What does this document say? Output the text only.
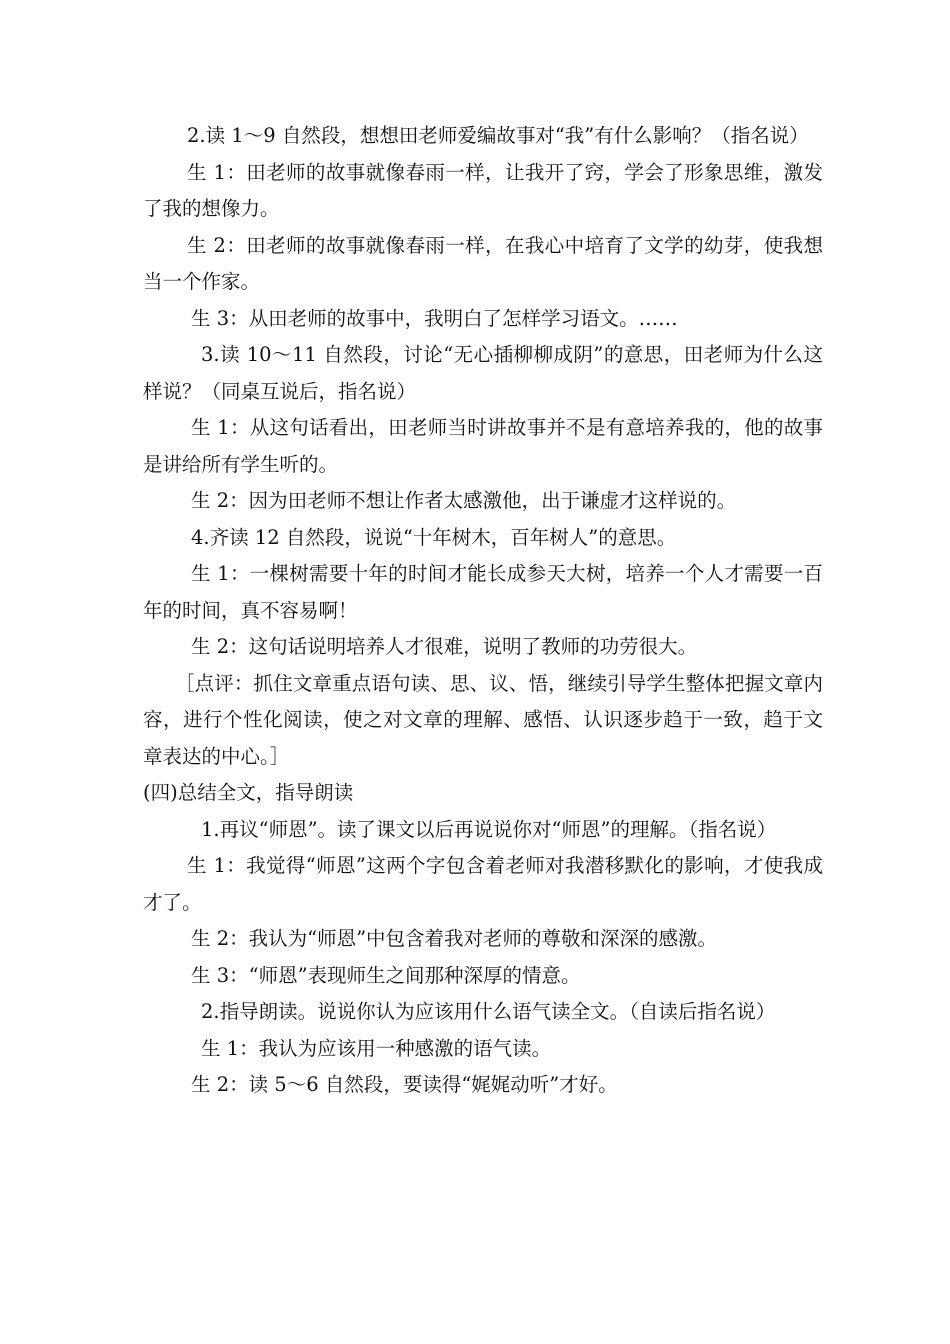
2.读 1～9 自然段，想想田老师爱编故事对“我”有什么影响？（指名说）

生 1：田老师的故事就像春雨一样，让我开了窍，学会了形象思维，激发了我的想像力。

生 2：田老师的故事就像春雨一样，在我心中培育了文学的幼芽，使我想当一个作家。

生 3：从田老师的故事中，我明白了怎样学习语文。……

3.读 10～11 自然段，讨论“无心插柳柳成阴”的意思，田老师为什么这样说？（同桌互说后，指名说）

生 1：从这句话看出，田老师当时讲故事并不是有意培养我的，他的故事是讲给所有学生听的。

生 2：因为田老师不想让作者太感激他，出于谦虚才这样说的。

4.齐读 12 自然段，说说“十年树木，百年树人”的意思。

生 1：一棵树需要十年的时间才能长成参天大树，培养一个人才需要一百年的时间，真不容易啊！

生 2：这句话说明培养人才很难，说明了教师的功劳很大。

［点评：抓住文章重点语句读、思、议、悟，继续引导学生整体把握文章内容，进行个性化阅读，使之对文章的理解、感悟、认识逐步趋于一致，趋于文章表达的中心。］

(四)总结全文，指导朗读

1.再议“师恩”。读了课文以后再说说你对“师恩”的理解。（指名说）

生 1：我觉得“师恩”这两个字包含着老师对我潜移默化的影响，才使我成才了。

生 2：我认为“师恩”中包含着我对老师的尊敬和深深的感激。

生 3：“师恩”表现师生之间那种深厚的情意。

2.指导朗读。说说你认为应该用什么语气读全文。（自读后指名说）

生 1：我认为应该用一种感激的语气读。

生 2：读 5～6 自然段，要读得“娓娓动听”才好。
